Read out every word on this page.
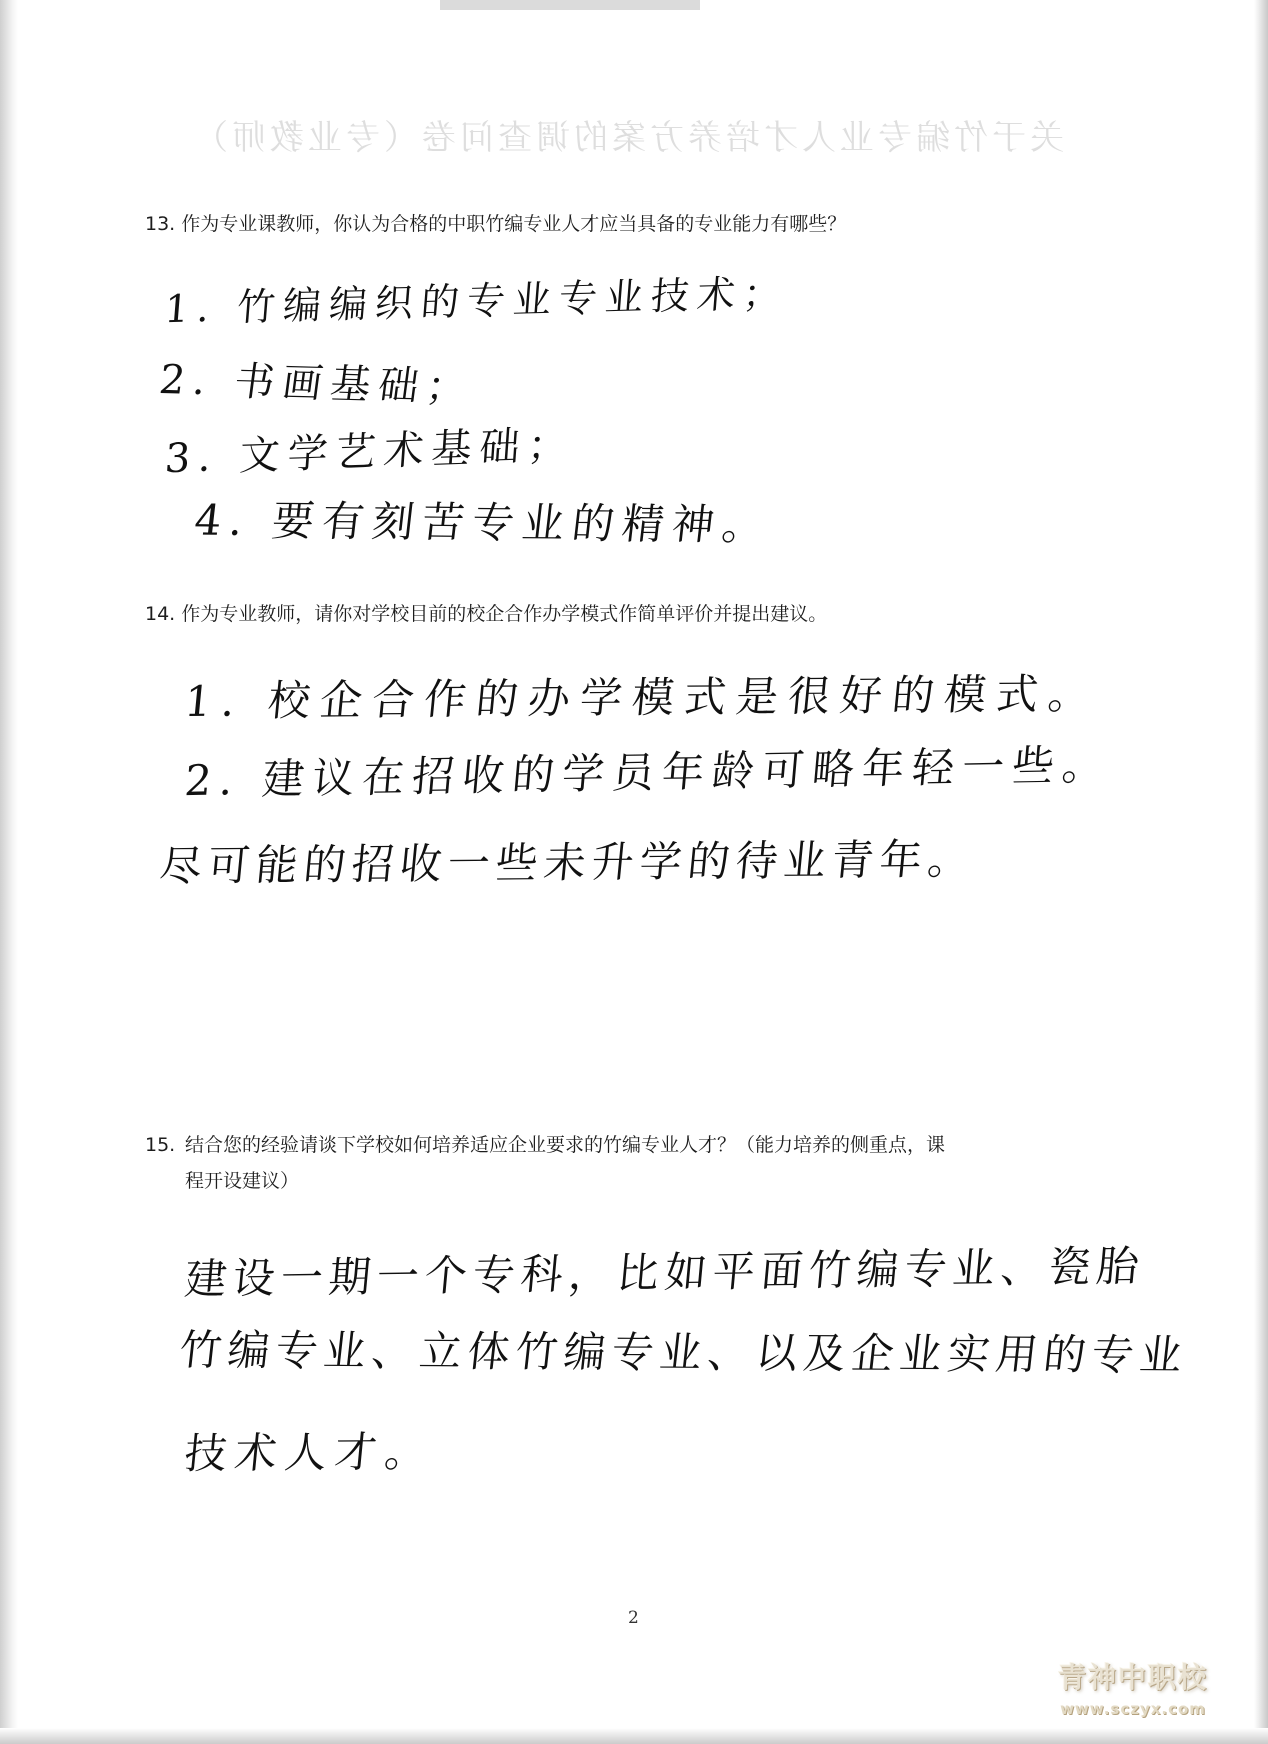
关于竹编专业人才培养方案的调查问卷（专业教师）
13. 作为专业课教师，你认为合格的中职竹编专业人才应当具备的专业能力有哪些？
1. 竹编编织的专业专业技术；
2. 书画基础；
3. 文学艺术基础；
4. 要有刻苦专业的精神。
14. 作为专业教师，请你对学校目前的校企合作办学模式作简单评价并提出建议。
1. 校企合作的办学模式是很好的模式。
2. 建议在招收的学员年龄可略年轻一些。
尽可能的招收一些未升学的待业青年。
15. 结合您的经验请谈下学校如何培养适应企业要求的竹编专业人才？（能力培养的侧重点，课
程开设建议）
建设一期一个专科，比如平面竹编专业、瓷胎
竹编专业、立体竹编专业、以及企业实用的专业
技术人才。
2
青神中职校
www.sczyx.com
